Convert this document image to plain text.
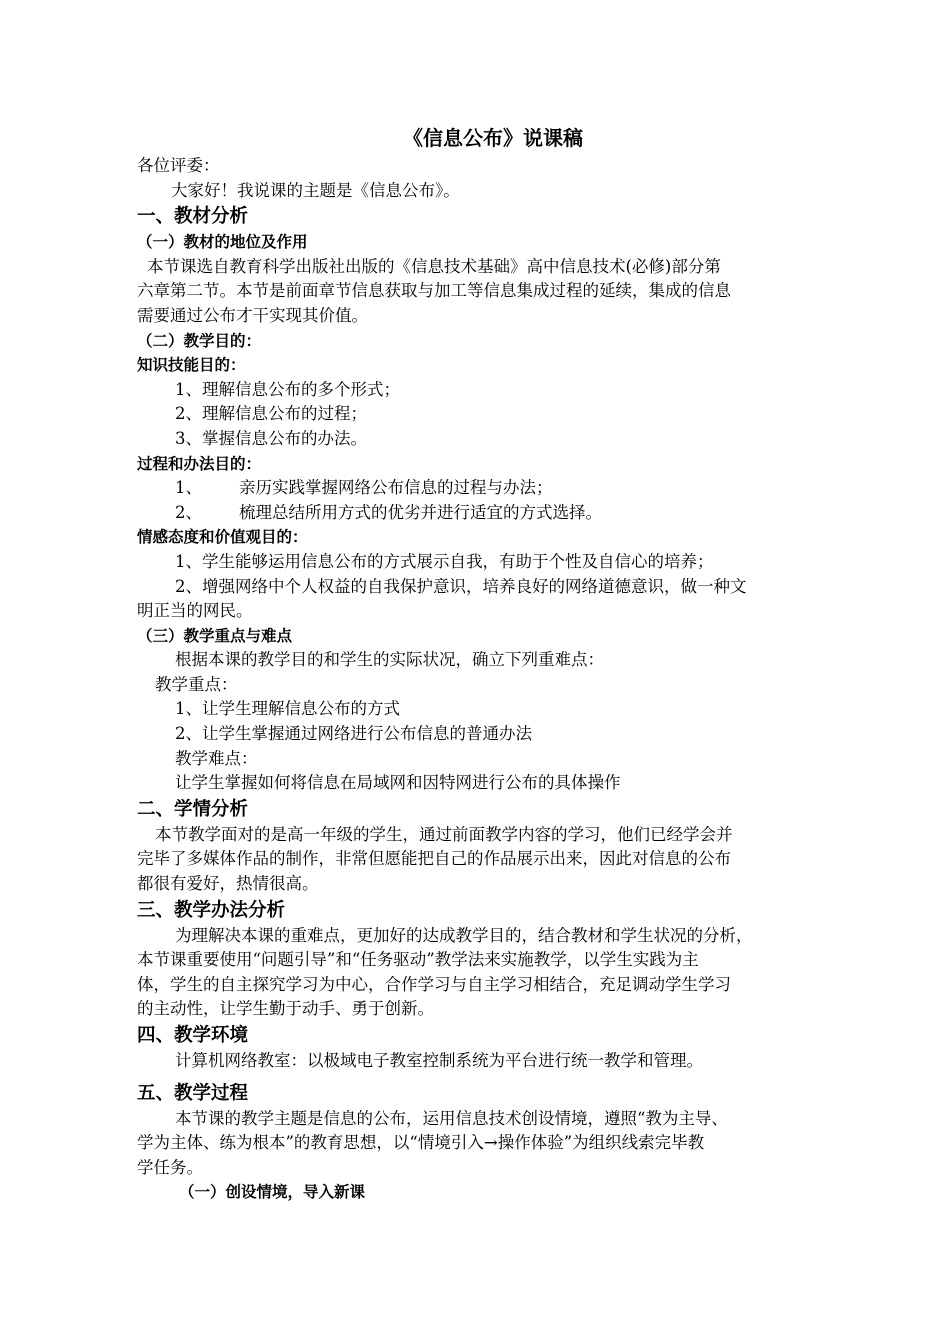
《信息公布》说课稿
各位评委：
大家好！我说课的主题是《信息公布》。
一、教材分析
（一）教材的地位及作用
本节课选自教育科学出版社出版的《信息技术基础》高中信息技术(必修)部分第
六章第二节。本节是前面章节信息获取与加工等信息集成过程的延续，集成的信息
需要通过公布才干实现其价值。
（二）教学目的：
知识技能目的：
1、理解信息公布的多个形式；
2、理解信息公布的过程；
3、掌握信息公布的办法。
过程和办法目的：
1、 亲历实践掌握网络公布信息的过程与办法；
2、 梳理总结所用方式的优劣并进行适宜的方式选择。
情感态度和价值观目的：
1、学生能够运用信息公布的方式展示自我，有助于个性及自信心的培养；
2、增强网络中个人权益的自我保护意识，培养良好的网络道德意识，做一种文
明正当的网民。
（三）教学重点与难点
根据本课的教学目的和学生的实际状况，确立下列重难点：
教学重点：
1、让学生理解信息公布的方式
2、让学生掌握通过网络进行公布信息的普通办法
教学难点：
让学生掌握如何将信息在局域网和因特网进行公布的具体操作
二、学情分析
本节教学面对的是高一年级的学生，通过前面教学内容的学习，他们已经学会并
完毕了多媒体作品的制作，非常但愿能把自己的作品展示出来，因此对信息的公布
都很有爱好，热情很高。
三、教学办法分析
为理解决本课的重难点，更加好的达成教学目的，结合教材和学生状况的分析，
本节课重要使用“问题引导”和“任务驱动”教学法来实施教学，以学生实践为主
体，学生的自主探究学习为中心，合作学习与自主学习相结合，充足调动学生学习
的主动性，让学生勤于动手、勇于创新。
四、教学环境
计算机网络教室：以极域电子教室控制系统为平台进行统一教学和管理。
五、教学过程
本节课的教学主题是信息的公布，运用信息技术创设情境，遵照“教为主导、
学为主体、练为根本”的教育思想，以“情境引入→操作体验”为组织线索完毕教
学任务。
（一）创设情境，导入新课
